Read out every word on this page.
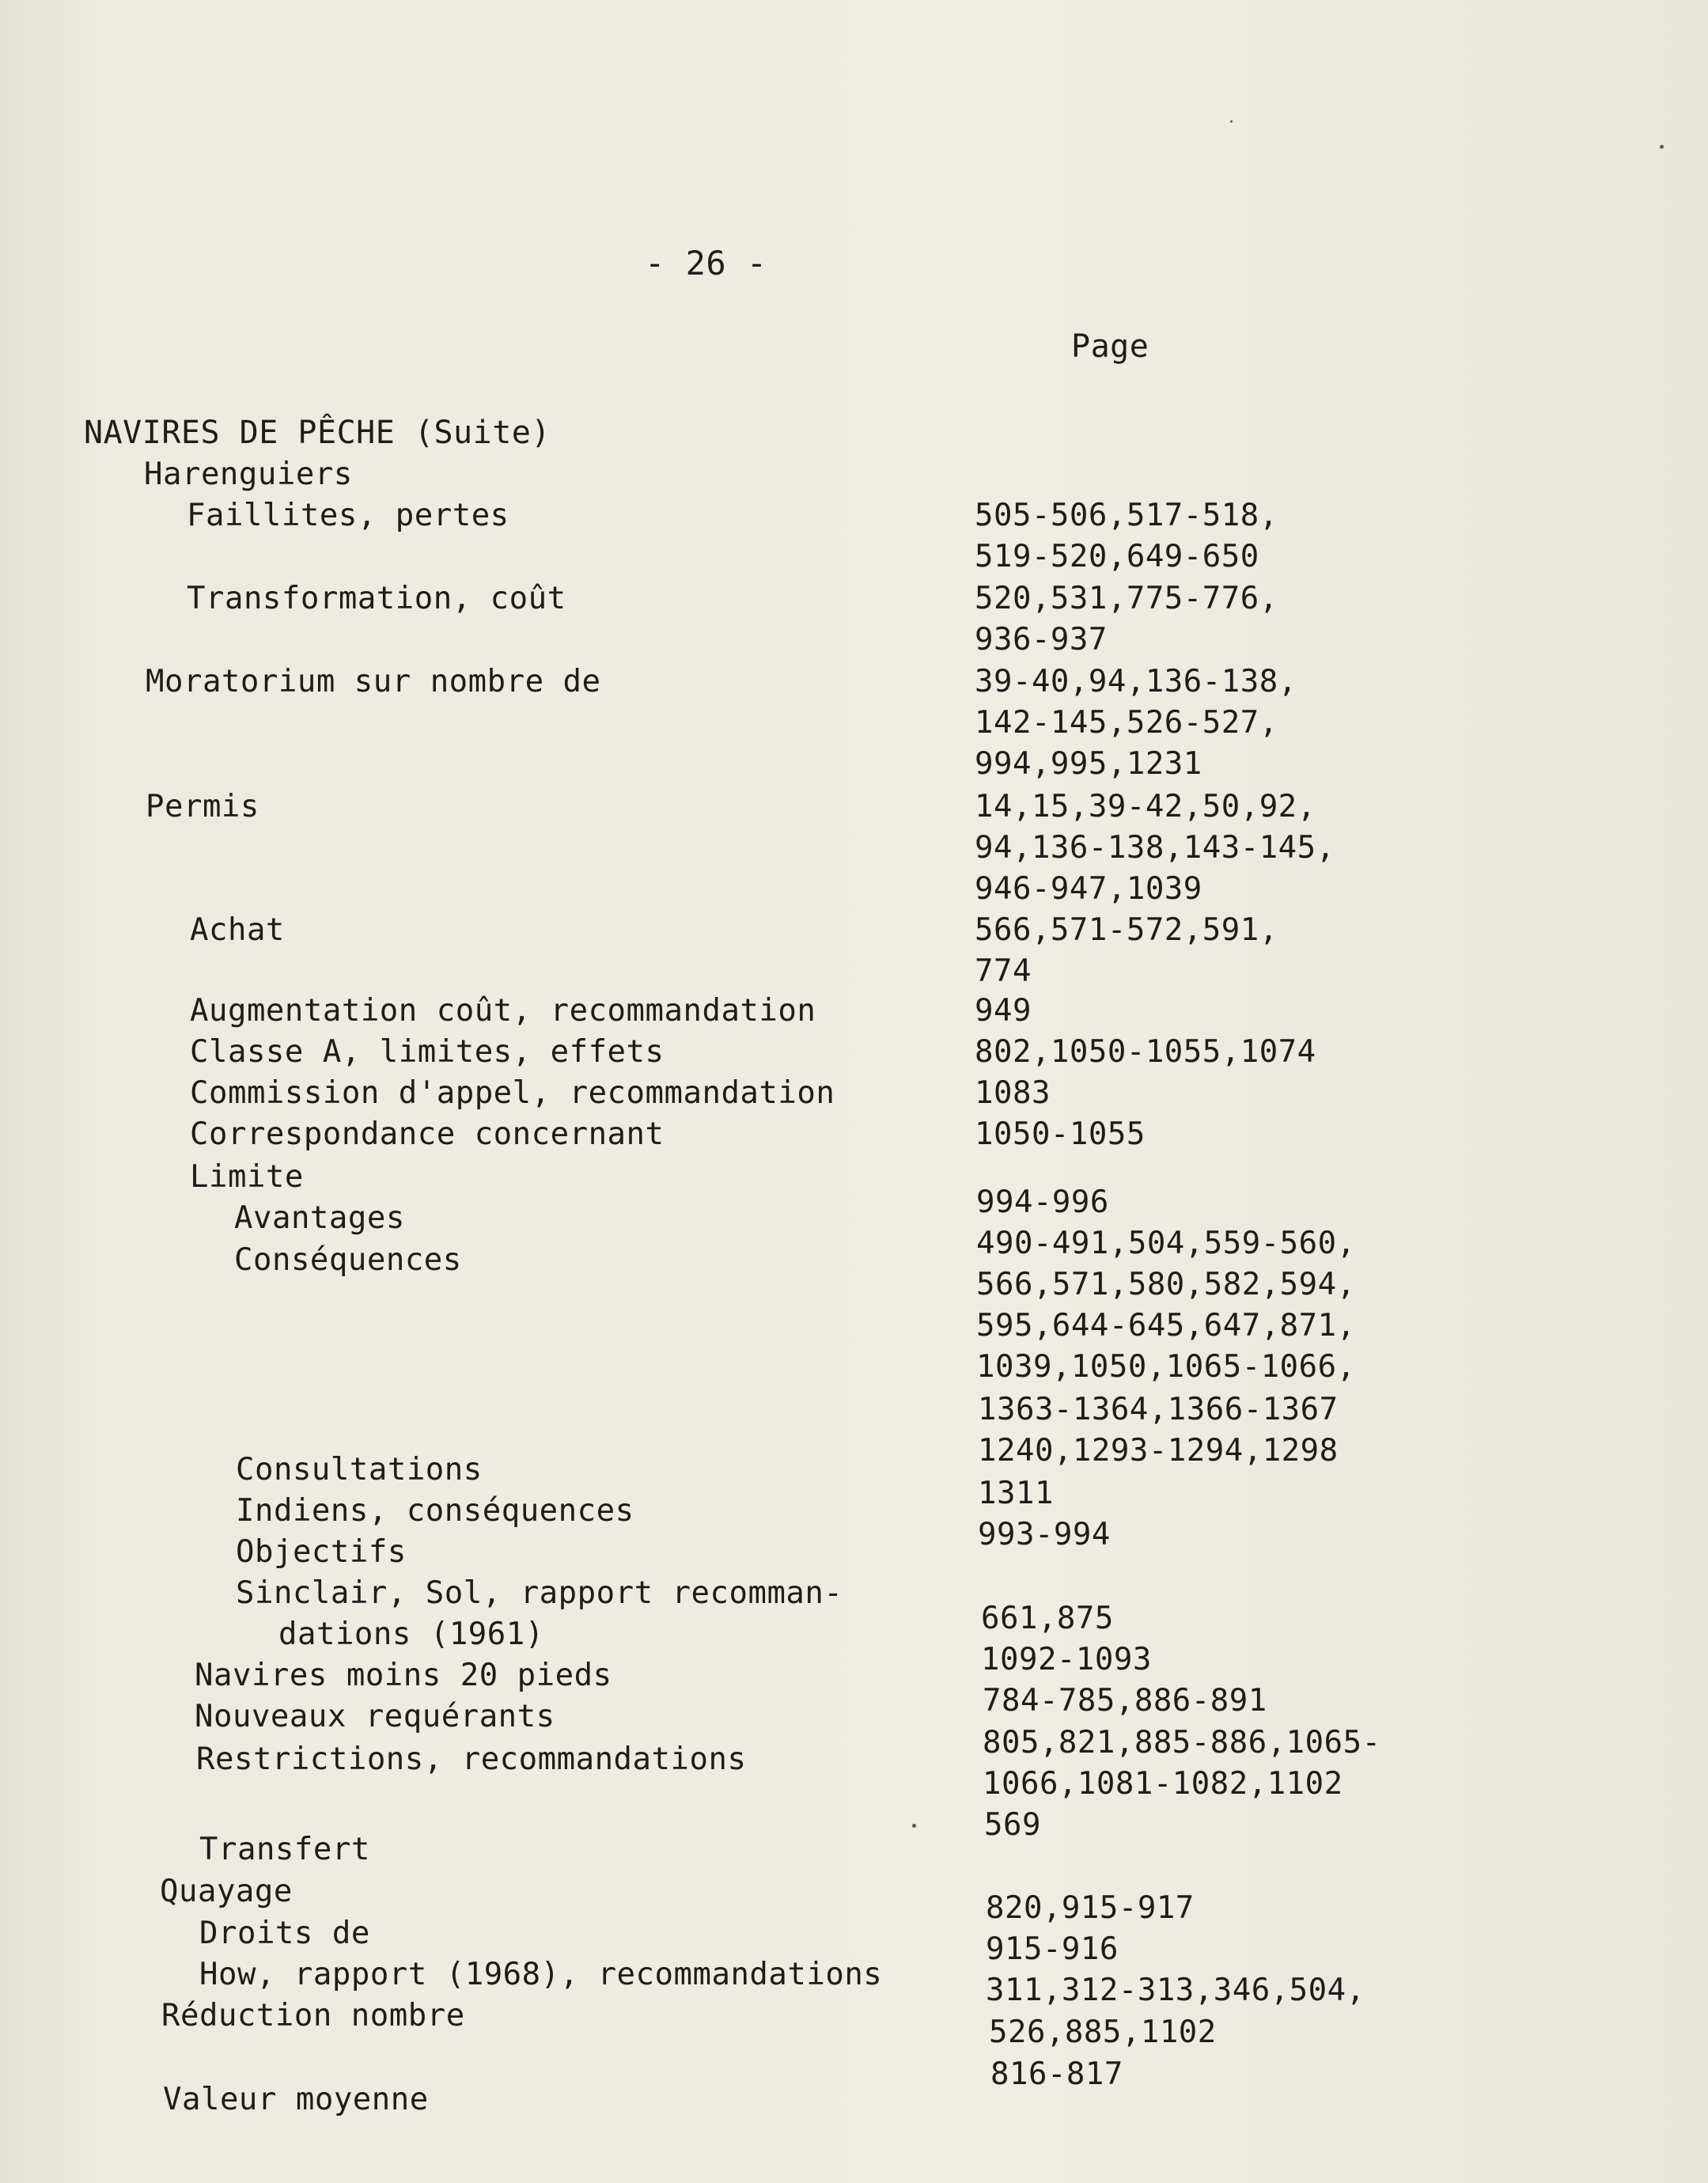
- 26 -
Page
NAVIRES DE PÊCHE (Suite)
Harenguiers
Faillites, pertes
Transformation, coût
Moratorium sur nombre de
Permis
Achat
Augmentation coût, recommandation
Classe A, limites, effets
Commission d'appel, recommandation
Correspondance concernant
Limite
Avantages
Conséquences
Consultations
Indiens, conséquences
Objectifs
Sinclair, Sol, rapport recomman-
dations (1961)
Navires moins 20 pieds
Nouveaux requérants
Restrictions, recommandations
Transfert
Quayage
Droits de
How, rapport (1968), recommandations
Réduction nombre
Valeur moyenne
505-506,517-518,
519-520,649-650
520,531,775-776,
936-937
39-40,94,136-138,
142-145,526-527,
994,995,1231
14,15,39-42,50,92,
94,136-138,143-145,
946-947,1039
566,571-572,591,
774
949
802,1050-1055,1074
1083
1050-1055
994-996
490-491,504,559-560,
566,571,580,582,594,
595,644-645,647,871,
1039,1050,1065-1066,
1363-1364,1366-1367
1240,1293-1294,1298
1311
993-994
661,875
1092-1093
784-785,886-891
805,821,885-886,1065-
1066,1081-1082,1102
569
820,915-917
915-916
311,312-313,346,504,
526,885,1102
816-817
